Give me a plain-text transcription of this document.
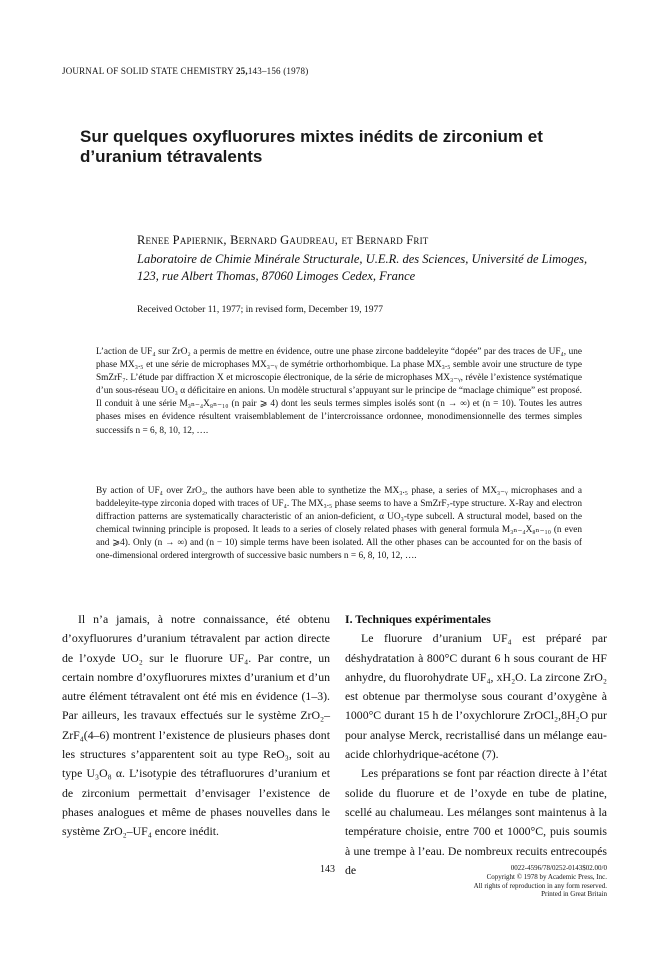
JOURNAL OF SOLID STATE CHEMISTRY 25,143–156 (1978)
Sur quelques oxyfluorures mixtes inédits de zirconium et d’uranium tétravalents
Renee Papiernik, Bernard Gaudreau, et Bernard Frit
Laboratoire de Chimie Minérale Structurale, U.E.R. des Sciences, Université de Limoges, 123, rue Albert Thomas, 87060 Limoges Cedex, France
Received October 11, 1977; in revised form, December 19, 1977
L’action de UF₄ sur ZrO₂ a permis de mettre en évidence, outre une phase zircone baddeleyite “dopée” par des traces de UF₄, une phase MX₃.₅ et une série de microphases MX₃₋ᵧ de symétrie orthorhombique. La phase MX₃.₅ semble avoir une structure de type SmZrF₇. L’étude par diffraction X et microscopie électronique, de la série de microphases MX₃₋ᵧ, révèle l’existence systématique d’un sous-réseau UO₃ α déficitaire en anions. Un modèle structural s’appuyant sur le principe de “maclage chimique” est proposé. Il conduit à une série M₃ₙ₋₄X₈ₙ₋₁₀ (n pair ⩾ 4) dont les seuls termes simples isolés sont (n → ∞) et (n = 10). Toutes les autres phases mises en évidence résultent vraisemblablement de l’intercroissance ordonnee, monodimensionnelle des termes simples successifs n = 6, 8, 10, 12, ….
By action of UF₄ over ZrO₂, the authors have been able to synthetize the MX₃.₅ phase, a series of MX₃₋ᵧ microphases and a baddeleyite-type zirconia doped with traces of UF₄. The MX₃.₅ phase seems to have a SmZrF₇-type structure. X-Ray and electron diffraction patterns are systematically characteristic of an anion-deficient, α UO₃-type subcell. A structural model, based on the chemical twinning principle is proposed. It leads to a series of closely related phases with general formula M₃ₙ₋₄X₈ₙ₋₁₀ (n even and ⩾4). Only (n → ∞) and (n − 10) simple terms have been isolated. All the other phases can be accounted for on the basis of one-dimensional ordered intergrowth of successive basic numbers n = 6, 8, 10, 12, ….

Il n’a jamais, à notre connaissance, été obtenu d’oxyfluorures d’uranium tétravalent par action directe de l’oxyde UO₂ sur le fluorure UF₄. Par contre, un certain nombre d’oxyfluorures mixtes d’uranium et d’un autre élément tétravalent ont été mis en évidence (1–3). Par ailleurs, les travaux effectués sur le système ZrO₂–ZrF₄(4–6) montrent l’existence de plusieurs phases dont les structures s’apparentent soit au type ReO₃, soit au type U₃O₈ α. L’isotypie des tétrafluorures d’uranium et de zirconium permettait d’envisager l’existence de phases analogues et même de phases nouvelles dans le système ZrO₂–UF₄ encore inédit.

I. Techniques expérimentales

Le fluorure d’uranium UF₄ est préparé par déshydratation à 800°C durant 6 h sous courant de HF anhydre, du fluorohydrate UF₄, xH₂O. La zircone ZrO₂ est obtenue par thermolyse sous courant d’oxygène à 1000°C durant 15 h de l’oxychlorure ZrOCl₂,8H₂O pur pour analyse Merck, recristallisé dans un mélange eau-acide chlorhydrique-acétone (7).

Les préparations se font par réaction directe à l’état solide du fluorure et de l’oxyde en tube de platine, scellé au chalumeau. Les mélanges sont maintenus à la température choisie, entre 700 et 1000°C, puis soumis à une trempe à l’eau. De nombreux recuits entrecoupés de

143	0022-4596/78/0252-0143$02.00/0
Copyright © 1978 by Academic Press, Inc.
All rights of reproduction in any form reserved.
Printed in Great Britain
